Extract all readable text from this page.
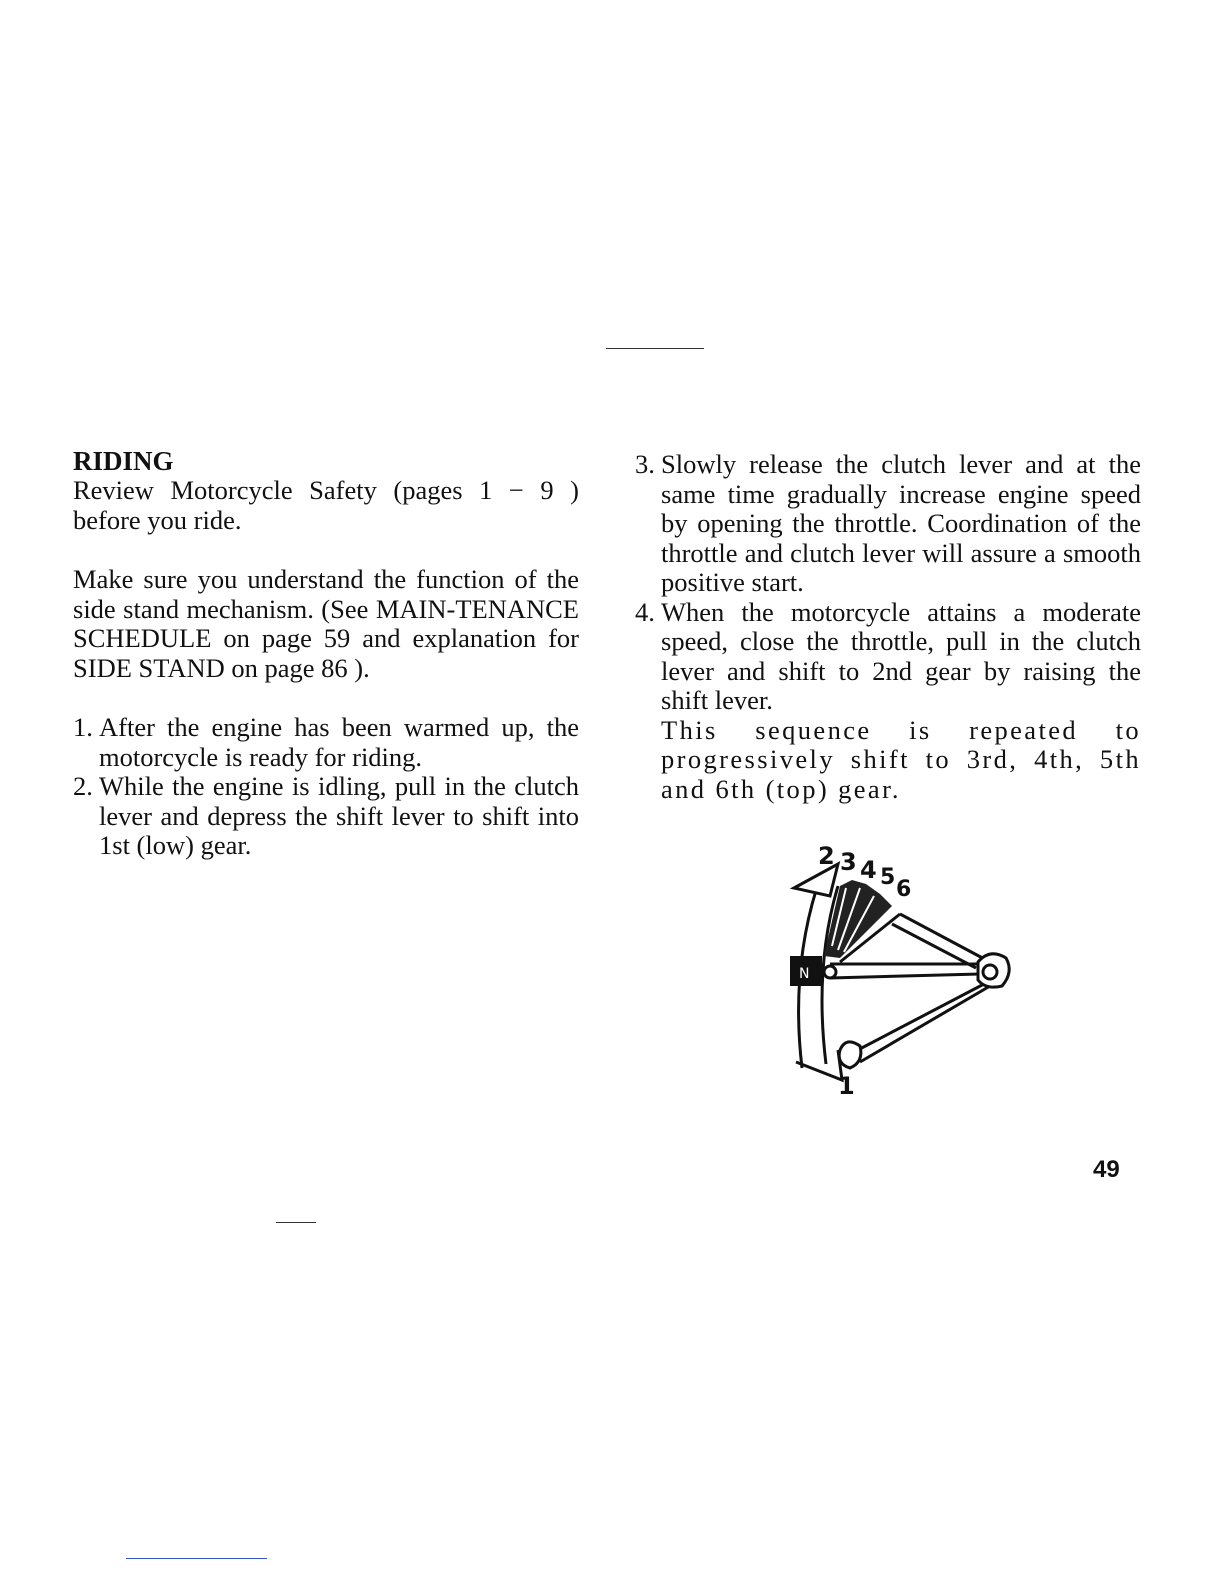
RIDING

Review Motorcycle Safety (pages 1 − 9 ) before you ride.

Make sure you understand the function of the side stand mechanism. (See MAIN-TENANCE SCHEDULE on page 59 and explanation for SIDE STAND on page 86 ).

1. After the engine has been warmed up, the motorcycle is ready for riding.

2. While the engine is idling, pull in the clutch lever and depress the shift lever to shift into 1st (low) gear.

3. Slowly release the clutch lever and at the same time gradually increase engine speed by opening the throttle. Coordination of the throttle and clutch lever will assure a smooth positive start.

4. When the motorcycle attains a moderate speed, close the throttle, pull in the clutch lever and shift to 2nd gear by raising the shift lever.

This sequence is repeated to progressively shift to 3rd, 4th, 5th and 6th (top) gear.

N
2 3 4 5 6
1
49
